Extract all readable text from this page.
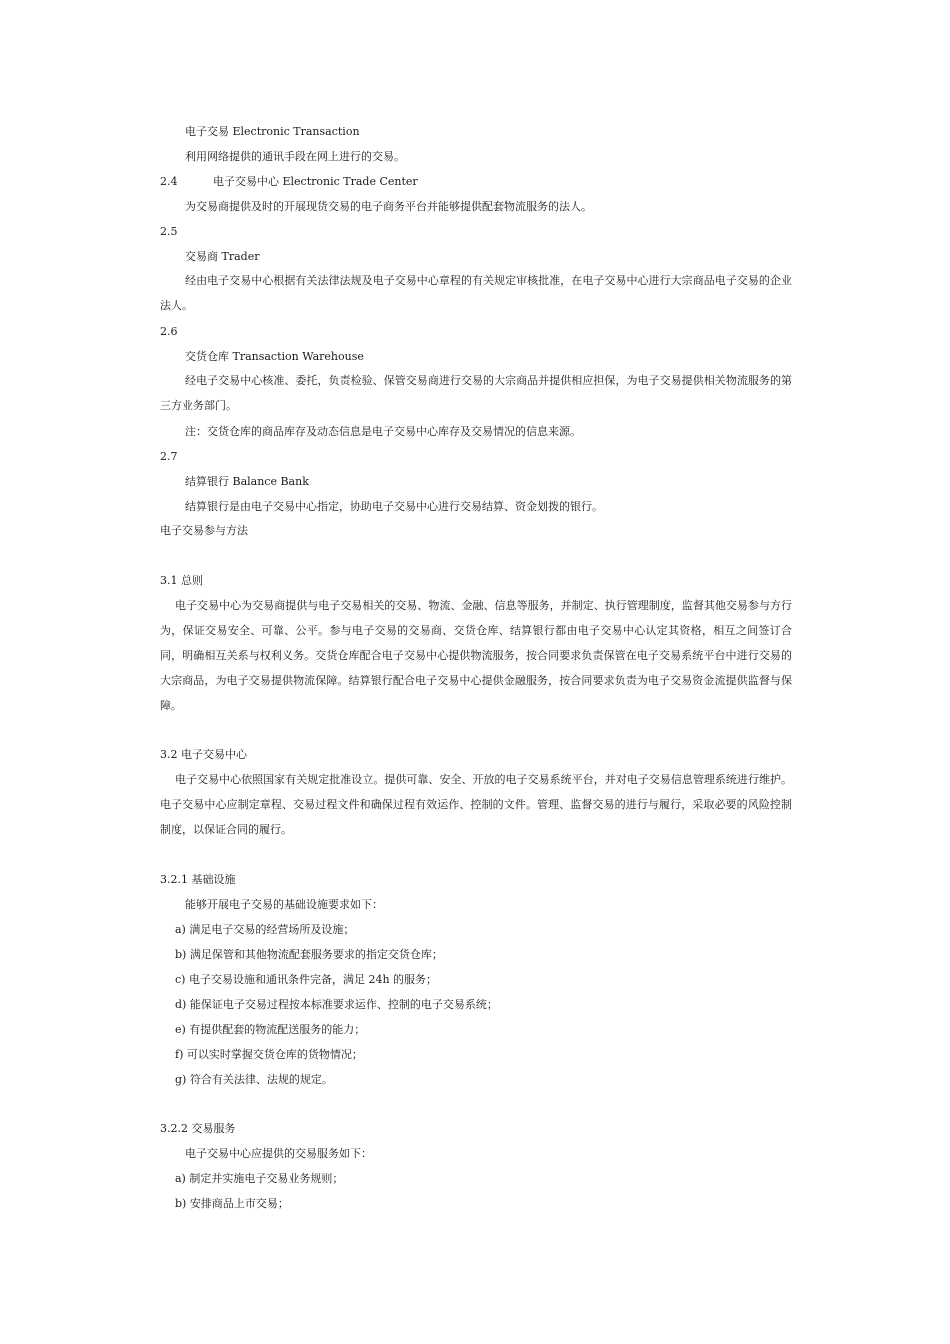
电子交易 Electronic Transaction
利用网络提供的通讯手段在网上进行的交易。
2.4	电子交易中心 Electronic Trade Center
为交易商提供及时的开展现货交易的电子商务平台并能够提供配套物流服务的法人。
2.5
交易商 Trader
经由电子交易中心根据有关法律法规及电子交易中心章程的有关规定审核批准，在电子交易中心进行大宗商品电子交易的企业法人。
2.6
交货仓库 Transaction Warehouse
经电子交易中心核准、委托，负责检验、保管交易商进行交易的大宗商品并提供相应担保，为电子交易提供相关物流服务的第三方业务部门。
注：交货仓库的商品库存及动态信息是电子交易中心库存及交易情况的信息来源。
2.7
结算银行 Balance Bank
结算银行是由电子交易中心指定，协助电子交易中心进行交易结算、资金划拨的银行。
电子交易参与方法
3.1 总则
电子交易中心为交易商提供与电子交易相关的交易、物流、金融、信息等服务，并制定、执行管理制度，监督其他交易参与方行为，保证交易安全、可靠、公平。参与电子交易的交易商、交货仓库、结算银行都由电子交易中心认定其资格，相互之间签订合同，明确相互关系与权利义务。交货仓库配合电子交易中心提供物流服务，按合同要求负责保管在电子交易系统平台中进行交易的大宗商品，为电子交易提供物流保障。结算银行配合电子交易中心提供金融服务，按合同要求负责为电子交易资金流提供监督与保障。
3.2 电子交易中心
电子交易中心依照国家有关规定批准设立。提供可靠、安全、开放的电子交易系统平台，并对电子交易信息管理系统进行维护。电子交易中心应制定章程、交易过程文件和确保过程有效运作、控制的文件。管理、监督交易的进行与履行，采取必要的风险控制制度，以保证合同的履行。
3.2.1 基础设施
能够开展电子交易的基础设施要求如下：
a) 满足电子交易的经营场所及设施；
b) 满足保管和其他物流配套服务要求的指定交货仓库；
c) 电子交易设施和通讯条件完备，满足 24h 的服务；
d) 能保证电子交易过程按本标准要求运作、控制的电子交易系统；
e) 有提供配套的物流配送服务的能力；
f) 可以实时掌握交货仓库的货物情况；
g) 符合有关法律、法规的规定。
3.2.2 交易服务
电子交易中心应提供的交易服务如下：
a) 制定并实施电子交易业务规则；
b) 安排商品上市交易；
